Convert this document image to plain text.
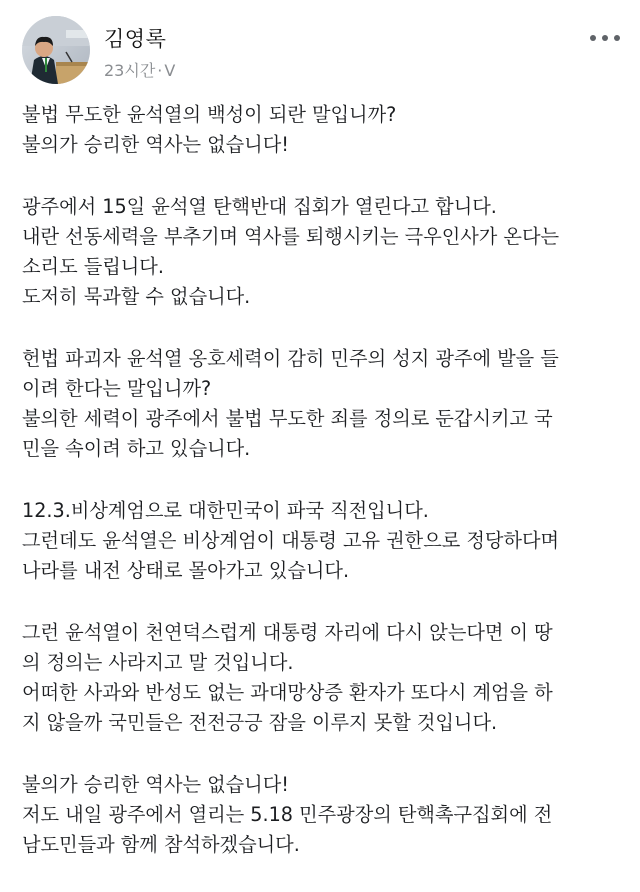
김영록
23시간 · V
불법 무도한 윤석열의 백성이 되란 말입니까?
불의가 승리한 역사는 없습니다!
광주에서 15일 윤석열 탄핵반대 집회가 열린다고 합니다.
내란 선동세력을 부추기며 역사를 퇴행시키는 극우인사가 온다는
소리도 들립니다.
도저히 묵과할 수 없습니다.
헌법 파괴자 윤석열 옹호세력이 감히 민주의 성지 광주에 발을 들
이려 한다는 말입니까?
불의한 세력이 광주에서 불법 무도한 죄를 정의로 둔갑시키고 국
민을 속이려 하고 있습니다.
12.3.비상계엄으로 대한민국이 파국 직전입니다.
그런데도 윤석열은 비상계엄이 대통령 고유 권한으로 정당하다며
나라를 내전 상태로 몰아가고 있습니다.
그런 윤석열이 천연덕스럽게 대통령 자리에 다시 앉는다면 이 땅
의 정의는 사라지고 말 것입니다.
어떠한 사과와 반성도 없는 과대망상증 환자가 또다시 계엄을 하
지 않을까 국민들은 전전긍긍 잠을 이루지 못할 것입니다.
불의가 승리한 역사는 없습니다!
저도 내일 광주에서 열리는 5.18 민주광장의 탄핵촉구집회에 전
남도민들과 함께 참석하겠습니다.
